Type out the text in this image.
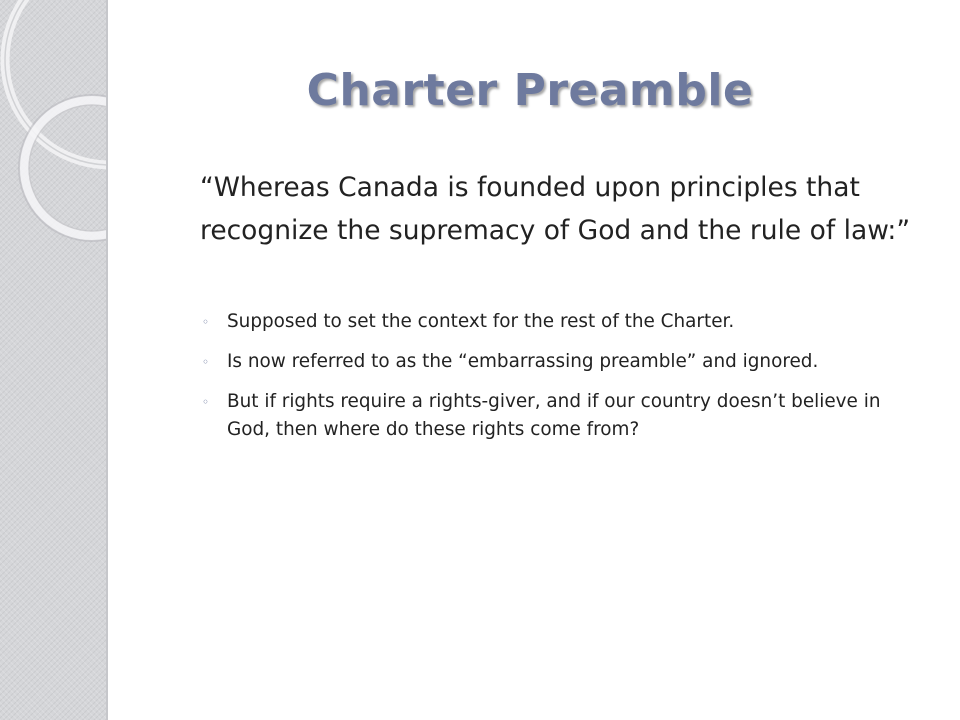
Charter Preamble

“Whereas Canada is founded upon principles that recognize the supremacy of God and the rule of law:”

◦ Supposed to set the context for the rest of the Charter.
◦ Is now referred to as the “embarrassing preamble” and ignored.
◦ But if rights require a rights-giver, and if our country doesn’t believe in God, then where do these rights come from?
